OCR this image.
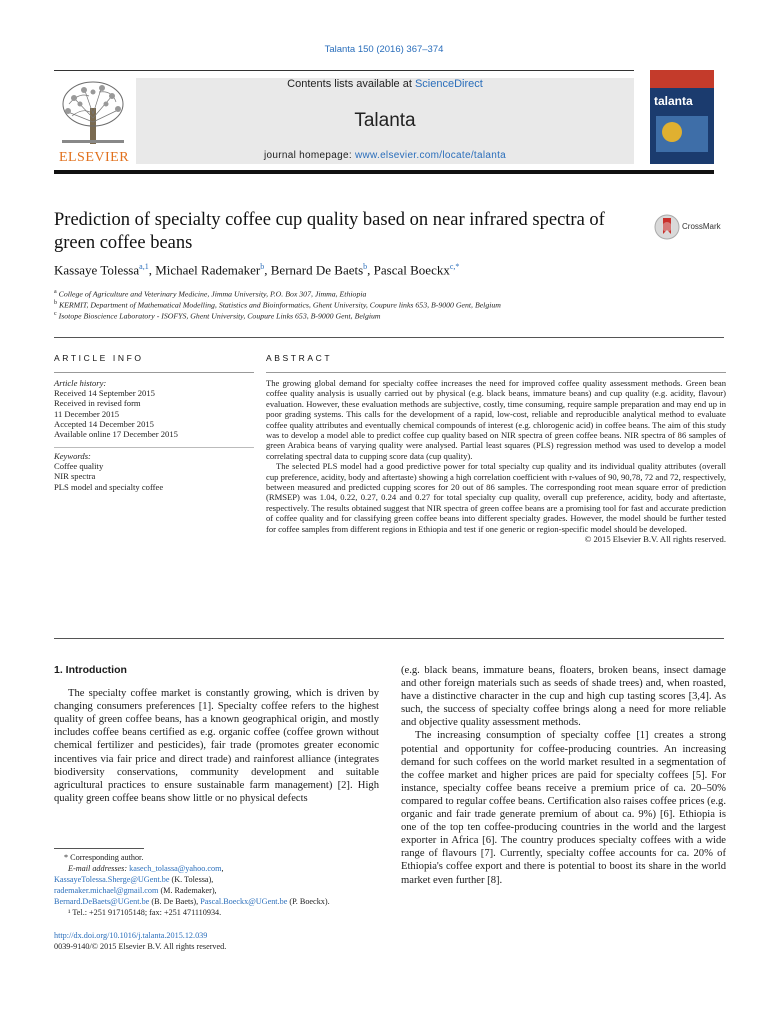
Talanta 150 (2016) 367–374
ELSEVIER
Contents lists available at ScienceDirect
Talanta
journal homepage: www.elsevier.com/locate/talanta
talanta
Prediction of specialty coffee cup quality based on near infrared spectra of green coffee beans
CrossMark
Kassaye Tolessa$^{a,1}$, Michael Rademaker$^b$, Bernard De Baets$^b$, Pascal Boeckx$^{c,*}$
$^a$ College of Agriculture and Veterinary Medicine, Jimma University, P.O. Box 307, Jimma, Ethiopia
$^b$ KERMIT, Department of Mathematical Modelling, Statistics and Bioinformatics, Ghent University, Coupure links 653, B-9000 Gent, Belgium
$^c$ Isotope Bioscience Laboratory - ISOFYS, Ghent University, Coupure Links 653, B-9000 Gent, Belgium
ARTICLE INFO
Article history:
Received 14 September 2015
Received in revised form
11 December 2015
Accepted 14 December 2015
Available online 17 December 2015
Keywords:
Coffee quality
NIR spectra
PLS model and specialty coffee
ABSTRACT

The growing global demand for specialty coffee increases the need for improved coffee quality assessment methods. Green bean coffee quality analysis is usually carried out by physical (e.g. black beans, immature beans) and cup quality (e.g. acidity, flavour) evaluation. However, these evaluation methods are subjective, costly, time consuming, require sample preparation and may end up in poor grading systems. This calls for the development of a rapid, low-cost, reliable and reproducible analytical method to evaluate coffee quality attributes and eventually chemical compounds of interest (e.g. chlorogenic acid) in coffee beans. The aim of this study was to develop a model able to predict coffee cup quality based on NIR spectra of green coffee beans. NIR spectra of 86 samples of green Arabica beans of varying quality were analysed. Partial least squares (PLS) regression method was used to develop a model correlating spectral data to cupping score data (cup quality).

The selected PLS model had a good predictive power for total specialty cup quality and its individual quality attributes (overall cup preference, acidity, body and aftertaste) showing a high correlation coefficient with r-values of 90, 90,78, 72 and 72, respectively, between measured and predicted cupping scores for 20 out of 86 samples. The corresponding root mean square error of prediction (RMSEP) was 1.04, 0.22, 0.27, 0.24 and 0.27 for total specialty cup quality, overall cup preference, acidity, body and aftertaste, respectively. The results obtained suggest that NIR spectra of green coffee beans are a promising tool for fast and accurate prediction of coffee quality and for classifying green coffee beans into different specialty grades. However, the model should be further tested for coffee samples from different regions in Ethiopia and test if one generic or region-specific model should be developed.

© 2015 Elsevier B.V. All rights reserved.

1. Introduction

The specialty coffee market is constantly growing, which is driven by changing consumers preferences [1]. Specialty coffee refers to the highest quality of green coffee beans, has a known geographical origin, and mostly includes coffee beans certified as e.g. organic coffee (coffee grown without chemical fertilizer and pesticides), fair trade (promotes greater economic incentives via fair price and direct trade) and rainforest alliance (integrates biodiversity conservations, community development and suitable agricultural practices to ensure sustainable farm management) [2]. High quality green coffee beans show little or no physical defects

(e.g. black beans, immature beans, floaters, broken beans, insect damage and other foreign materials such as seeds of shade trees) and, when roasted, have a distinctive character in the cup and high cup tasting scores [3,4]. As such, the success of specialty coffee brings along a need for more reliable and objective quality assessment methods.

The increasing consumption of specialty coffee [1] creates a strong potential and opportunity for coffee-producing countries. An increasing demand for such coffees on the world market resulted in a segmentation of the coffee market and higher prices are paid for specialty coffees [5]. For instance, specialty coffee beans receive a premium price of ca. 20–50% compared to regular coffee beans. Certification also raises coffee prices (e.g. organic and fair trade generate premium of about ca. 9%) [6]. Ethiopia is one of the top ten coffee-producing countries in the world and the largest exporter in Africa [6]. The country produces specialty coffees with a wide range of flavours [7]. Currently, specialty coffee accounts for ca. 20% of Ethiopia's coffee export and there is potential to boost its share in the world market even further [8].

* Corresponding author.
E-mail addresses: kasech_tolassa@yahoo.com,
KassayeTolessa.Sherge@UGent.be (K. Tolessa),
rademaker.michael@gmail.com (M. Rademaker),
Bernard.DeBaets@UGent.be (B. De Baets), Pascal.Boeckx@UGent.be (P. Boeckx).
¹ Tel.: +251 917105148; fax: +251 471110934.
http://dx.doi.org/10.1016/j.talanta.2015.12.039
0039-9140/© 2015 Elsevier B.V. All rights reserved.
